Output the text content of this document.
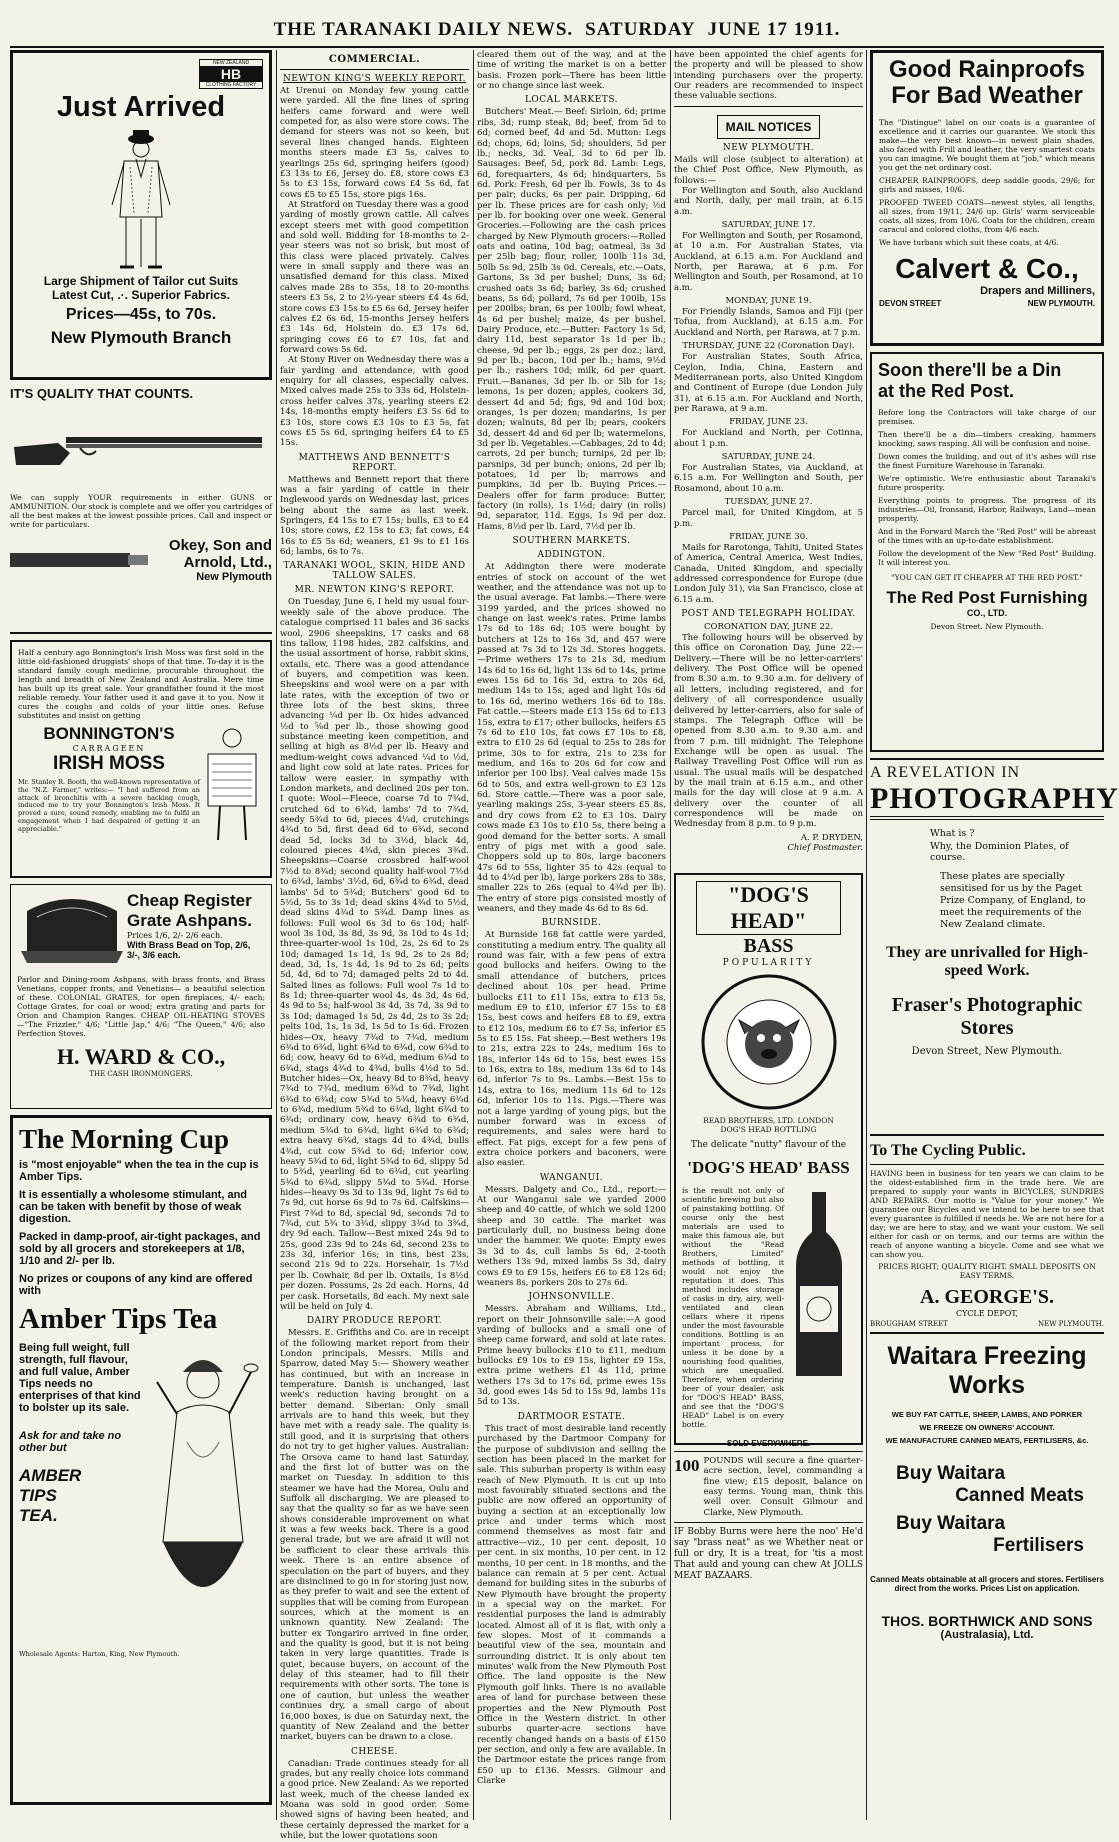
THE TARANAKI DAILY NEWS. SATURDAY JUNE 17 1911.
NEW ZEALAND
HB
CLOTHING FACTORY
Just Arrived
Large Shipment of Tailor cut Suits
Latest Cut, .·. Superior Fabrics.
Prices—45s, to 70s.
New Plymouth Branch
IT'S QUALITY THAT COUNTS.
We can supply YOUR requirements in either GUNS or AMMUNITION. Our stock is complete and we offer you cartridges of all the best makes at the lowest possible prices. Call and inspect or write for particulars.
Okey, Son and Arnold, Ltd.,
New Plymouth
Half a century ago Bonnington's Irish Moss was first sold in the little old-fashioned druggists' shops of that time. To-day it is the standard family cough medicine, procurable throughout the length and breadth of New Zealand and Australia. Mere time has built up its great sale. Your grandfather found it the most reliable remedy. Your father used it and gave it to you. Now it cures the coughs and colds of your little ones. Refuse substitutes and insist on getting
BONNINGTON'S
CARRAGEEN
IRISH MOSS
Mr. Stanley R. Booth, the well-known representative of the "N.Z. Farmer," writes:— "I had suffered from an attack of bronchitis with a severe hacking cough, induced me to try your Bonnington's Irish Moss. It proved a sure, sound remedy, enabling me to fulfil an engagement when I had despaired of getting it an appreciable."
Cheap Register Grate Ashpans.
Prices 1/6, 2/- 2/6 each.
With Brass Bead on Top, 2/6, 3/-, 3/6 each.
Parlor and Dining-room Ashpans, with brass fronts, and Brass Venetians, copper fronts, and Venetians— a beautiful selection of these. COLONIAL GRATES, for open fireplaces, 4/- each; Cottage Grates, for coal or wood; extra grating and parts for Orion and Champion Ranges. CHEAP OIL-HEATING STOVES—"The Frizzler," 4/6; "Little Jap," 4/6; "The Queen," 4/6; also Perfection Stoves.
H. WARD & CO.,
THE CASH IRONMONGERS.
The Morning Cup
is "most enjoyable" when the tea in the cup is Amber Tips.
It is essentially a wholesome stimulant, and can be taken with benefit by those of weak digestion.
Packed in damp-proof, air-tight packages, and sold by all grocers and storekeepers at 1/8, 1/10 and 2/- per lb.
No prizes or coupons of any kind are offered with
Amber Tips Tea
Being full weight, full strength, full flavour, and full value, Amber Tips needs no enterprises of that kind to bolster up its sale.
Ask for and take no other but
AMBER
TIPS
TEA.
Wholesale Agents: Harton, King, New Plymouth.
COMMERCIAL.
NEWTON KING'S WEEKLY REPORT.
At Urenui on Monday few young cattle were yarded. All the fine lines of spring heifers came forward and were well competed for, as also were store cows. The demand for steers was not so keen, but several lines changed hands. Eighteen months steers made £3 5s, calves to yearlings 25s 6d, springing heifers (good) £3 13s to £6, Jersey do. £8, store cows £3 5s to £3 15s, forward cows £4 5s 6d, fat cows £5 to £5 15s, store pigs 16s.
At Stratford on Tuesday there was a good yarding of mostly grown cattle. All calves except steers met with good competition and sold well. Bidding for 18-months to 2-year steers was not so brisk, but most of this class were placed privately. Calves were in small supply and there was an unsatisfied demand for this class. Mixed calves made 28s to 35s, 18 to 20-months steers £3 5s, 2 to 2½-year steers £4 4s 6d, store cows £3 15s to £5 6s 6d, Jersey heifer calves £2 6s 6d, 15-months Jersey heifers £3 14s 6d, Holstein do. £3 17s 6d, springing cows £6 to £7 10s, fat and forward cows 5s 6d.
At Stony River on Wednesday there was a fair yarding and attendance, with good enquiry for all classes, especially calves. Mixed calves made 25s to 33s 6d, Holstein-cross heifer calves 37s, yearling steers £2 14s, 18-months empty heifers £3 5s 6d to £3 10s, store cows £3 10s to £3 5s, fat cows £5 5s 6d, springing heifers £4 to £5 15s.
MATTHEWS AND BENNETT'S REPORT.
Matthews and Bennett report that there was a fair yarding of cattle in their Inglewood yards on Wednesday last, prices being about the same as last week. Springers, £4 15s to £7 15s; bulls, £3 to £4 10s; store cows, £2 15s to £3; fat cows, £4 16s to £5 5s 6d; weaners, £1 9s to £1 16s 6d; lambs, 6s to 7s.
TARANAKI WOOL, SKIN, HIDE AND TALLOW SALES.
MR. NEWTON KING'S REPORT.
On Tuesday, June 6, I held my usual four-weekly sale of the above produce. The catalogue comprised 11 bales and 36 sacks wool, 2906 sheepskins, 17 casks and 68 tins tallow, 1198 hides, 282 calfskins, and the usual assortment of horse, rabbit skins, oxtails, etc. There was a good attendance of buyers, and competition was keen. Sheepskins and wool were on a par with late rates, with the exception of two or three lots of the best skins, three advancing ¼d per lb. Ox hides advanced ½d to ⅝d per lb., those showing good substance meeting keen competition, and selling at high as 8½d per lb. Heavy and medium-weight cows advanced ¼d to ½d, and light cow sold at late rates. Prices for tallow were easier, in sympathy with London markets, and declined 20s per ton. I quote: Wool—Fleece, coarse 7d to 7¾d, crutched 6d to 6¾d, lambs' 7d to 7¾d, seedy 5¾d to 6d, pieces 4¼d, crutchings 4¾d to 5d, first dead 6d to 6¾d, second dead 5d, locks 3d to 3½d, black 4d, coloured pieces 4¾d, skin pieces 3¾d. Sheepskins—Coarse crossbred half-wool 7½d to 8¾d; second quality half-wool 7½d to 6¾d, lambs' 3½d, 6d, 6¾d to 6¾d, dead lambs' 5d to 5¾d; Butchers' good 6d to 5½d, 5s to 3s 1d; dead skins 4¾d to 5½d, dead skins 4¾d to 5¾d. Damp lines as follows: Full wool 6s 3d to 6s 10d; half-wool 3s 10d, 3s 8d, 3s 9d, 3s 10d to 4s 1d; three-quarter-wool 1s 10d, 2s, 2s 6d to 2s 10d; damaged 1s 1d, 1s 9d, 2s to 2s 8d; dead, 3d, 1s, 1s 4d, 1s 9d to 2s 6d; pelts 5d, 4d, 6d to 7d; damaged pelts 2d to 4d. Salted lines as follows: Full wool 7s 1d to 8s 1d; three-quarter wool 4s, 4s 3d, 4s 6d, 4s 9d to 5s; half-wool 3s 4d, 3s 7d, 3s 9d to 3s 10d; damaged 1s 5d, 2s 4d, 2s to 3s 2d; pelts 10d, 1s, 1s 3d, 1s 5d to 1s 6d. Frozen hides—Ox, heavy 7¾d to 7¾d, medium 6¾d to 6¾d, light 6¾d to 6¾d, cow 6¾d to 6d; cow, heavy 6d to 6¾d, medium 6¾d to 6¾d, stags 4¾d to 4¾d, bulls 4½d to 5d. Butcher hides—Ox, heavy 8d to 8¾d, heavy 7¾d to 7¾d, medium 6¾d to 7¾d, light 6¾d to 6¾d; cow 5¾d to 5¾d, heavy 6¾d to 6¾d, medium 5¾d to 6¾d, light 6¾d to 6¾d; ordinary cow, heavy 6¾d to 6¾d, medium 5¾d to 6¾d, light 6¾d to 6¾d; extra heavy 6¾d, stags 4d to 4¾d, bulls 4¾d, cut cow 5¾d to 6d; inferior cow, heavy 5¾d to 6d, light 5¾d to 6d, slippy 5d to 5¾d, yearling 6d to 6¾d, cut yearling 5¾d to 6¾d, slippy 5¾d to 5¾d. Horse hides—heavy 9s 3d to 13s 9d, light 7s 6d to 7s 9d, cut horse 6s 9d to 7s 6d. Calfskins—First 7¾d to 8d, special 9d, seconds 7d to 7¾d, cut 5¾ to 3¾d, slippy 3¾d to 3¾d, dry 9d each. Tallow—Best mixed 24s 9d to 25s, good 23s 9d to 24s 6d, second 23s to 23s 3d, inferior 16s; in tins, best 23s, second 21s 9d to 22s. Horsehair, 1s 7½d per lb. Cowhair, 8d per lb. Oxtails, 1s 8½d per dozen. Possums, 2s 2d each. Horns, 4d per cask. Horsetails, 8d each. My next sale will be held on July 4.
DAIRY PRODUCE REPORT.
Messrs. E. Griffiths and Co. are in receipt of the following market report from their London principals, Messrs. Mills and Sparrow, dated May 5:— Showery weather has continued, but with an increase in temperature. Danish is unchanged, last week's reduction having brought on a better demand. Siberian: Only small arrivals are to hand this week, but they have met with a ready sale. The quality is still good, and it is surprising that others do not try to get higher values. Australian: The Orsova came to hand last Saturday, and the first lot of butter was on the market on Tuesday. In addition to this steamer we have had the Morea, Oulu and Suffolk all discharging. We are pleased to say that the quality so far as we have seen shows considerable improvement on what it was a few weeks back. There is a good general trade, but we are afraid it will not be sufficient to clear these arrivals this week. There is an entire absence of speculation on the part of buyers, and they are disinclined to go in for storing just now, as they prefer to wait and see the extent of supplies that will be coming from European sources, which at the moment is an unknown quantity. New Zealand: The butter ex Tongariro arrived in fine order, and the quality is good, but it is not being taken in very large quantities. Trade is quiet, because buyers, on account of the delay of this steamer, had to fill their requirements with other sorts. The tone is one of caution, but unless the weather continues dry, a small cargo of about 16,000 boxes, is due on Saturday next, the quantity of New Zealand and the better market, buyers can be drawn to a close.
CHEESE.
Canadian: Trade continues steady for all grades, but any really choice lots command a good price. New Zealand: As we reported last week, much of the cheese landed ex Moana was sold in good order. Some showed signs of having been heated, and these certainly depressed the market for a while, but the lower quotations soon
cleared them out of the way, and at the time of writing the market is on a better basis. Frozen pork—There has been little or no change since last week.
LOCAL MARKETS.
Butchers' Meat.— Beef: Sirloin, 6d; prime ribs, 3d; rump steak, 8d; beef, from 5d to 6d; corned beef, 4d and 5d. Mutton: Legs 6d; chops, 6d; loins, 5d; shoulders, 5d per lb.; necks, 3d. Veal, 3d to 6d per lb. Sausages: Beef, 5d, pork 8d. Lamb: Legs, 6d, forequarters, 4s 6d; hindquarters, 5s 6d. Pork: Fresh, 6d per lb. Fowls, 3s to 4s per pair; ducks, 6s per pair. Dripping, 6d per lb. These prices are for cash only; ½d per lb. for booking over one week. General Groceries.—Following are the cash prices charged by New Plymouth grocers:—Rolled oats and oatina, 10d bag; oatmeal, 3s 3d per 25lb bag; flour, roller, 100lb 11s 3d, 50lb 5s 9d, 25lb 3s 0d. Cereals, etc.—Oats, Gartons, 3s 3d per bushel; Duns, 3s 6d; crushed oats 3s 6d; barley, 3s 6d; crushed beans, 5s 6d; pollard, 7s 6d per 100lb, 15s per 200lbs; bran, 6s per 100lb; fowl wheat, 4s 6d per bushel; maize, 4s per bushel. Dairy Produce, etc.—Butter: Factory 1s 5d, dairy 11d, best separator 1s 1d per lb.; cheese, 9d per lb.; eggs, 2s per doz.; lard, 9d per lb.; bacon, 10d per lb.; hams, 9½d per lb.; rashers 10d; milk, 6d per quart. Fruit.—Bananas, 3d per lb. or 5lb for 1s; lemons, 1s per dozen; apples, cookers 3d, dessert 4d and 5d; figs, 9d and 10d box; oranges, 1s per dozen; mandarins, 1s per dozen; walnuts, 8d per lb; pears, cookers 3d, dessert 4d and 6d per lb; watermelons, 3d per lb. Vegetables.—Cabbages, 2d to 4d; carrots, 2d per bunch; turnips, 2d per lb; parsnips, 3d per bunch; onions, 2d per lb; potatoes, 1d per lb; marrows and pumpkins, 3d per lb. Buying Prices.—Dealers offer for farm produce: Butter, factory (in rolls), 1s 1½d; dairy (in rolls) 9d, separator, 11d. Eggs, 1s 9d per doz. Hams, 8½d per lb. Lard, 7½d per lb.
SOUTHERN MARKETS.
ADDINGTON.
At Addington there were moderate entries of stock on account of the wet weather, and the attendance was not up to the usual average. Fat lambs.—There were 3199 yarded, and the prices showed no change on last week's rates. Prime lambs 17s 6d to 18s 6d; 105 were bought by butchers at 12s to 16s 3d, and 457 were passed at 7s 3d to 12s 3d. Stores hoggets.—Prime wethers 17s to 21s 3d, medium 14s 6d to 16s 6d, light 13s 6d to 14s, prime ewes 15s 6d to 16s 3d, extra to 20s 6d, medium 14s to 15s, aged and light 10s 6d to 16s 6d, merino wethers 16s 6d to 18s. Fat cattle.—Steers made £13 15s 6d to £13 15s, extra to £17; other bullocks, heifers £5 7s 6d to £10 10s, fat cows £7 10s to £8, extra to £10 2s 6d (equal to 25s to 28s for prime, 30s to for extra, 21s to 23s for medium, and 16s to 20s 6d for cow and inferior per 100 lbs). Veal calves made 15s 6d to 50s, and extra well-grown to £3 12s 6d. Store cattle.—There was a poor sale, yearling makings 25s, 3-year steers £5 8s, and dry cows from £2 to £3 10s. Dairy cows made £3 10s to £10 5s, there being a good demand for the better sorts. A small entry of pigs met with a good sale. Choppers sold up to 80s, large baconers 47s 6d to 55s, lighter 35 to 42s (equal to 4d to 4¼d per lb), large porkers 28s to 38s, smaller 22s to 26s (equal to 4¾d per lb). The entry of store pigs consisted mostly of weaners, and they made 4s 6d to 8s 6d.
BURNSIDE.
At Burnside 168 fat cattle were yarded, constituting a medium entry. The quality all round was fair, with a few pens of extra good bullocks and heifers. Owing to the small attendance of butchers, prices declined about 10s per head. Prime bullocks £11 to £11 15s, extra to £13 5s, medium £9 to £10, inferior £7 15s to £8 15s, best cows and heifers £8 to £9, extra to £12 10s, medium £6 to £7 5s, inferior £5 5s to £5 15s. Fat sheep.—Best wethers 19s to 21s, extra 22s to 24s, medium 16s to 18s, inferior 14s 6d to 15s, best ewes 15s to 16s, extra to 18s, medium 13s 6d to 14s 6d, inferior 7s to 9s. Lambs.—Best 15s to 14s, extra to 16s, medium 11s 6d to 12s 6d, inferior 10s to 11s. Pigs.—There was not a large yarding of young pigs, but the number forward was in excess of requirements, and sales were hard to effect. Fat pigs, except for a few pens of extra choice porkers and baconers, were also easier.
WANGANUI.
Messrs. Dalgety and Co., Ltd., report:— At our Wanganui sale we yarded 2000 sheep and 40 cattle, of which we sold 1200 sheep and 30 cattle. The market was particularly dull, no business being done under the hammer. We quote: Empty ewes 3s 3d to 4s, cull lambs 5s 6d, 2-tooth wethers 13s 9d, mixed lambs 5s 3d, dairy cows £9 to £9 15s, heifers £6 to £8 12s 6d; weaners 8s, porkers 20s to 27s 6d.
JOHNSONVILLE.
Messrs. Abraham and Williams, Ltd., report on their Johnsonville sale:—A good yarding of bullocks and a small one of sheep came forward, and sold at late rates. Prime heavy bullocks £10 to £11, medium bullocks £9 10s to £9 15s, lighter £9 15s, extra prime wethers £1 4s 11d, prime wethers 17s 3d to 17s 6d, prime ewes 15s 3d, good ewes 14s 5d to 15s 9d, lambs 11s 5d to 13s.
DARTMOOR ESTATE.
This tract of most desirable land recently purchased by the Dartmoor Company for the purpose of subdivision and selling the section has been placed in the market for sale. This suburban property is within easy reach of New Plymouth. It is cut up into most favourably situated sections and the public are now offered an opportunity of buying a section at an exceptionally low price and under terms which most commend themselves as most fair and attractive—viz., 10 per cent. deposit, 10 per cent. in six months, 10 per cent. in 12 months, 10 per cent. in 18 months, and the balance can remain at 5 per cent. Actual demand for building sites in the suburbs of New Plymouth have brought the property in a special way on the market. For residential purposes the land is admirably located. Almost all of it is flat, with only a few slopes. Most of it commands a beautiful view of the sea, mountain and surrounding district. It is only about ten minutes' walk from the New Plymouth Post Office. The land opposite is the New Plymouth golf links. There is no available area of land for purchase between these properties and the New Plymouth Post Office in the Western district. In other suburbs quarter-acre sections have recently changed hands on a basis of £150 per section, and only a few are available. In the Dartmoor estate the prices range from £50 up to £136. Messrs. Gilmour and Clarke
have been appointed the chief agents for the property and will be pleased to show intending purchasers over the property. Our readers are recommended to inspect these valuable sections.
MAIL NOTICES
NEW PLYMOUTH.
Mails will close (subject to alteration) at the Chief Post Office, New Plymouth, as follows:—
For Wellington and South, also Auckland and North, daily, per mail train, at 6.15 a.m.
SATURDAY, JUNE 17.
For Wellington and South, per Rosamond, at 10 a.m. For Australian States, via Auckland, at 6.15 a.m. For Auckland and North, per Rarawa, at 6 p.m. For Wellington and South, per Rosamond, at 10 a.m.
MONDAY, JUNE 19.
For Friendly Islands, Samoa and Fiji (per Tofua, from Auckland), at 6.15 a.m. For Auckland and North, per Rarawa, at 7 p.m.
THURSDAY, JUNE 22 (Coronation Day).
For Australian States, South Africa, Ceylon, India, China, Eastern and Mediterranean ports, also United Kingdom and Continent of Europe (due London July 31), at 6.15 a.m. For Auckland and North, per Rarawa, at 9 a.m.
FRIDAY, JUNE 23.
For Auckland and North, per Cotinna, about 1 p.m.
SATURDAY, JUNE 24.
For Australian States, via Auckland, at 6.15 a.m. For Wellington and South, per Rosamond, about 10 a.m.
TUESDAY, JUNE 27.
Parcel mail, for United Kingdom, at 5 p.m.
FRIDAY, JUNE 30.
Mails for Rarotonga, Tahiti, United States of America, Central America, West Indies, Canada, United Kingdom, and specially addressed correspondence for Europe (due London July 31), via San Francisco, close at 6.15 a.m.
POST AND TELEGRAPH HOLIDAY.
CORONATION DAY, JUNE 22.
The following hours will be observed by this office on Coronation Day, June 22:— Delivery.—There will be no letter-carriers' delivery. The Post Office will be opened from 8.30 a.m. to 9.30 a.m. for delivery of all letters, including registered, and for delivery of all correspondence usually delivered by letter-carriers, also for sale of stamps. The Telegraph Office will be opened from 8.30 a.m. to 9.30 a.m. and from 7 p.m. till midnight. The Telephone Exchange will be open as usual. The Railway Travelling Post Office will run as usual. The usual mails will be despatched by the mail train at 6.15 a.m., and other mails for the day will close at 9 a.m. A delivery over the counter of all correspondence will be made on Wednesday from 8 p.m. to 9 p.m.
A. P. DRYDEN,
Chief Postmaster.
"DOG'S HEAD"
BASS
POPULARITY
READ BROTHERS, LTD. LONDON
DOG'S HEAD BOTTLING
The delicate "nutty" flavour of the
'DOG'S HEAD' BASS
is the result not only of scientific brewing but also of painstaking bottling. Of course only the best materials are used to make this famous ale, but without the "Read Brothers, Limited" methods of bottling, it would not enjoy the reputation it does. This method includes storage of casks in dry, airy, well-ventilated and clean cellars where it ripens under the most favourable conditions. Bottling is an important process, for unless it be done by a nourishing food qualities, which are unequalled. Therefore, when ordering beer of your dealer, ask for "DOG'S HEAD" BASS, and see that the "DOG'S HEAD" Label is on every bottle.
SOLD EVERYWHERE.
100 POUNDS will secure a fine quarter-acre section, level, commanding a fine view; £15 deposit, balance on easy terms. Young man, think this well over. Consult Gilmour and Clarke, New Plymouth.
IF Bobby Burns were here the noo' He'd say "brass neat" as we Whether neat or full or dry, It is a treat, for 'tis a most That auld and young can chew At JOLLS MEAT BAZAARS.
Good Rainproofs
For Bad Weather
The "Distingue" label on our coats is a guarantee of excellence and it carries our guarantee. We stock this make—the very best known—in newest plain shades, also faced with Frill and leather, the very smartest coats you can imagine. We bought them at "job," which means you get the net ordinary cost.
CHEAPER RAINPROOFS, deep saddle goods, 29/6; for girls and misses, 10/6.
PROOFED TWEED COATS—newest styles, all lengths, all sizes, from 19/11, 24/6 up. Girls' warm serviceable coats, all sizes, from 10/6. Coats for the children, cream caracul and colored cloths, from 4/6 each.
We have turbans which suit these coats, at 4/6.
Calvert & Co.,
Drapers and Milliners,
DEVON STREET	NEW PLYMOUTH.
Soon there'll be a Din
at the Red Post.
Before long the Contractors will take charge of our premises.
Then there'll be a din—timbers creaking, hammers knocking, saws rasping. All will be confusion and noise.
Down comes the building, and out of it's ashes will rise the finest Furniture Warehouse in Taranaki.
We're optimistic. We're enthusiastic about Taranaki's future prosperity.
Everything points to progress. The progress of its industries—Oil, Ironsand, Harbor, Railways, Land—mean prosperity.
And in the Forward March the "Red Post" will be abreast of the times with an up-to-date establishment.
Follow the development of the New "Red Post" Building. It will interest you.
"YOU CAN GET IT CHEAPER AT THE RED POST."
The Red Post Furnishing
CO., LTD.
Devon Street. New Plymouth.
A REVELATION IN
PHOTOGRAPHY
What is ?
Why, the Dominion Plates, of course.
These plates are specially sensitised for us by the Paget Prize Company, of England, to meet the requirements of the New Zealand climate.
They are unrivalled for High-speed Work.
Fraser's Photographic Stores
Devon Street, New Plymouth.
To The Cycling Public.
HAVING been in business for ten years we can claim to be the oldest-established firm in the trade here. We are prepared to supply your wants in BICYCLES, SUNDRIES AND REPAIRS. Our motto is "Value for your money." We guarantee our Bicycles and we intend to be here to see that every guarantee is fulfilled if needs be. We are not here for a day; we are here to stay, and we want your custom. We sell either for cash or on terms, and our terms are within the reach of anyone wanting a bicycle. Come and see what we can show you.
PRICES RIGHT; QUALITY RIGHT. SMALL DEPOSITS ON EASY TERMS.
A. GEORGE'S.
CYCLE DEPOT,
BROUGHAM STREET	NEW PLYMOUTH.
Waitara Freezing
Works
WE BUY FAT CATTLE, SHEEP, LAMBS, AND PORKER
WE FREEZE ON OWNERS' ACCOUNT.
WE MANUFACTURE CANNED MEATS, FERTILISERS, &c.
Buy Waitara
Canned Meats
Buy Waitara
Fertilisers
Canned Meats obtainable at all grocers and stores. Fertilisers direct from the works. Prices List on application.
THOS. BORTHWICK AND SONS
(Australasia), Ltd.
